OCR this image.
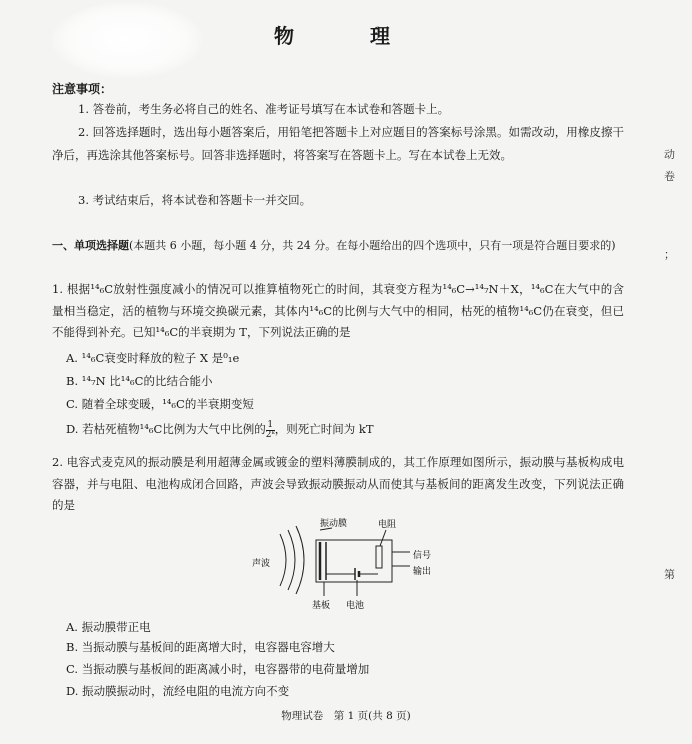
物　理
注意事项：
1. 答卷前，考生务必将自己的姓名、准考证号填写在本试卷和答题卡上。
2. 回答选择题时，选出每小题答案后，用铅笔把答题卡上对应题目的答案标号涂黑。如需改动，用橡皮擦干净后，再选涂其他答案标号。回答非选择题时，将答案写在答题卡上。写在本试卷上无效。
3. 考试结束后，将本试卷和答题卡一并交回。
一、单项选择题(本题共 6 小题，每小题 4 分，共 24 分。在每小题给出的四个选项中，只有一项是符合题目要求的)
1. 根据¹⁴₆C放射性强度减小的情况可以推算植物死亡的时间，其衰变方程为¹⁴₆C→¹⁴₇N＋X，¹⁴₆C在大气中的含量相当稳定，活的植物与环境交换碳元素，其体内¹⁴₆C的比例与大气中的相同，枯死的植物¹⁴₆C仍在衰变，但已不能得到补充。已知¹⁴₆C的半衰期为 T，下列说法正确的是
A. ¹⁴₆C衰变时释放的粒子 X 是⁰₁e
B. ¹⁴₇N 比¹⁴₆C的比结合能小
C. 随着全球变暖，¹⁴₆C的半衰期变短
D. 若枯死植物¹⁴₆C比例为大气中比例的 $\frac{1}{\text{2ᵏ}}$ ，则死亡时间为 kT
2. 电容式麦克风的振动膜是利用超薄金属或镀金的塑料薄膜制成的，其工作原理如图所示，振动膜与基板构成电容器，并与电阻、电池构成闭合回路，声波会导致振动膜振动从而使其与基板间的距离发生改变，下列说法正确的是
声波
振动膜	电阻
信号
输出
基板 电池
A. 振动膜带正电
B. 当振动膜与基板间的距离增大时，电容器电容增大
C. 当振动膜与基板间的距离减小时，电容器带的电荷量增加
D. 振动膜振动时，流经电阻的电流方向不变
物理试卷　第 1 页(共 8 页)
动
卷
；
第
